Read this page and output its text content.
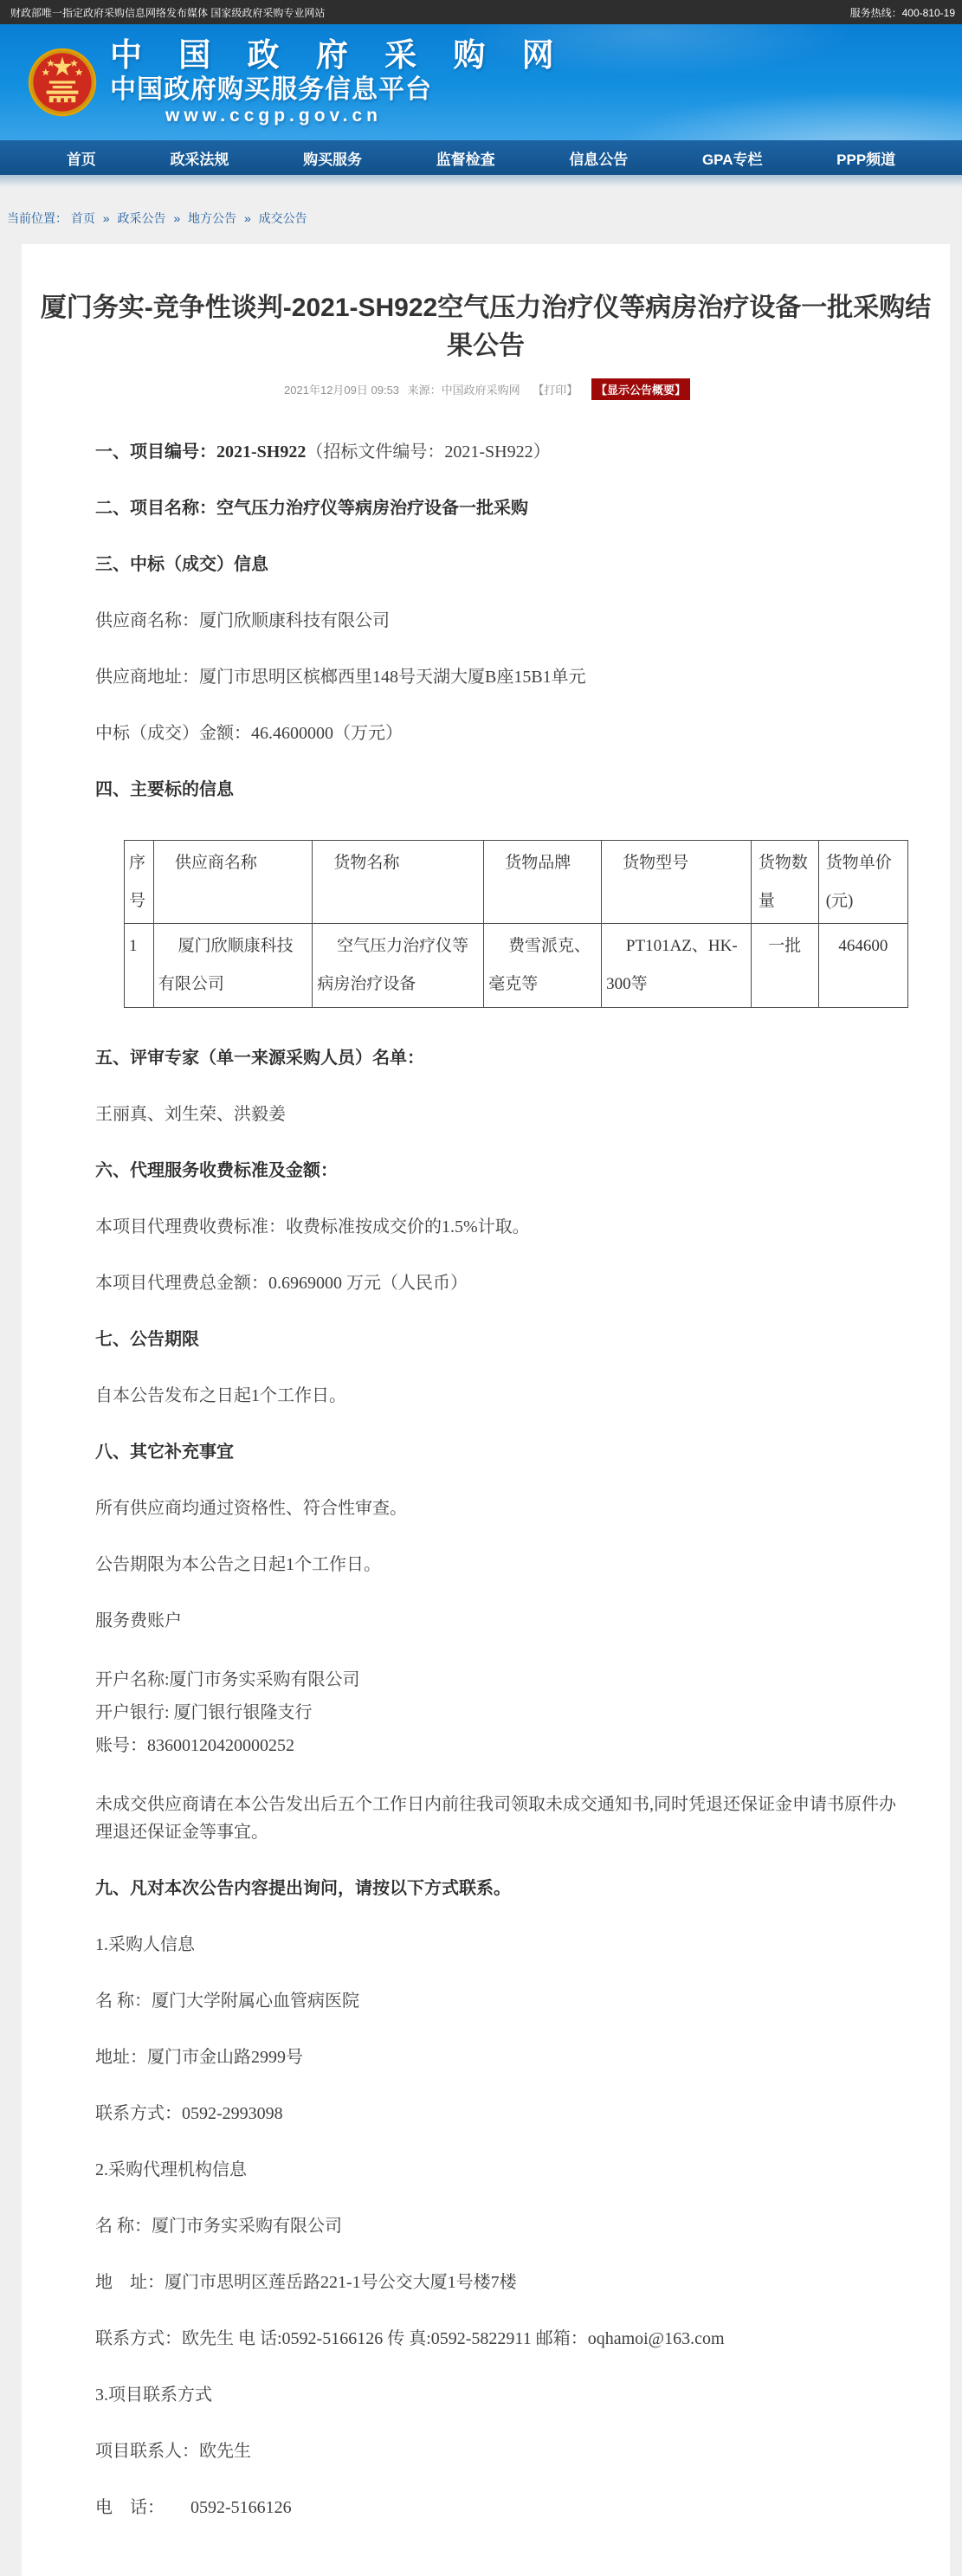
财政部唯一指定政府采购信息网络发布媒体 国家级政府采购专业网站	服务热线：400-810-19
中 国 政 府 采 购 网
中国政府购买服务信息平台
www.ccgp.gov.cn
首页	政采法规	购买服务	监督检查	信息公告	GPA专栏	PPP频道
当前位置： 首页 » 政采公告 » 地方公告 » 成交公告
厦门务实-竞争性谈判-2021-SH922空气压力治疗仪等病房治疗设备一批采购结果公告
2021年12月09日 09:53 来源：中国政府采购网 【打印】 【显示公告概要】

一、项目编号：2021-SH922（招标文件编号：2021-SH922）

二、项目名称：空气压力治疗仪等病房治疗设备一批采购

三、中标（成交）信息

供应商名称：厦门欣顺康科技有限公司

供应商地址：厦门市思明区槟榔西里148号天湖大厦B座15B1单元

中标（成交）金额：46.4600000（万元）

四、主要标的信息

序号	供应商名称	货物名称	货物品牌	货物型号	货物数量	货物单价(元)
1	厦门欣顺康科技有限公司	空气压力治疗仪等病房治疗设备	费雪派克、毫克等	PT101AZ、HK-300等	一批	464600

五、评审专家（单一来源采购人员）名单：

王丽真、刘生荣、洪毅姜

六、代理服务收费标准及金额：

本项目代理费收费标准：收费标准按成交价的1.5%计取。

本项目代理费总金额：0.6969000 万元（人民币）

七、公告期限

自本公告发布之日起1个工作日。

八、其它补充事宜

所有供应商均通过资格性、符合性审查。

公告期限为本公告之日起1个工作日。

服务费账户

开户名称:厦门市务实采购有限公司
开户银行: 厦门银行银隆支行
账号：83600120420000252

未成交供应商请在本公告发出后五个工作日内前往我司领取未成交通知书,同时凭退还保证金申请书原件办理退还保证金等事宜。

九、凡对本次公告内容提出询问，请按以下方式联系。

1.采购人信息

名 称：厦门大学附属心血管病医院

地址：厦门市金山路2999号

联系方式：0592-2993098

2.采购代理机构信息

名 称：厦门市务实采购有限公司

地　址：厦门市思明区莲岳路221-1号公交大厦1号楼7楼

联系方式：欧先生 电 话:0592-5166126 传 真:0592-5822911 邮箱：oqhamoi@163.com

3.项目联系方式

项目联系人：欧先生

电　话：　　0592-5166126
